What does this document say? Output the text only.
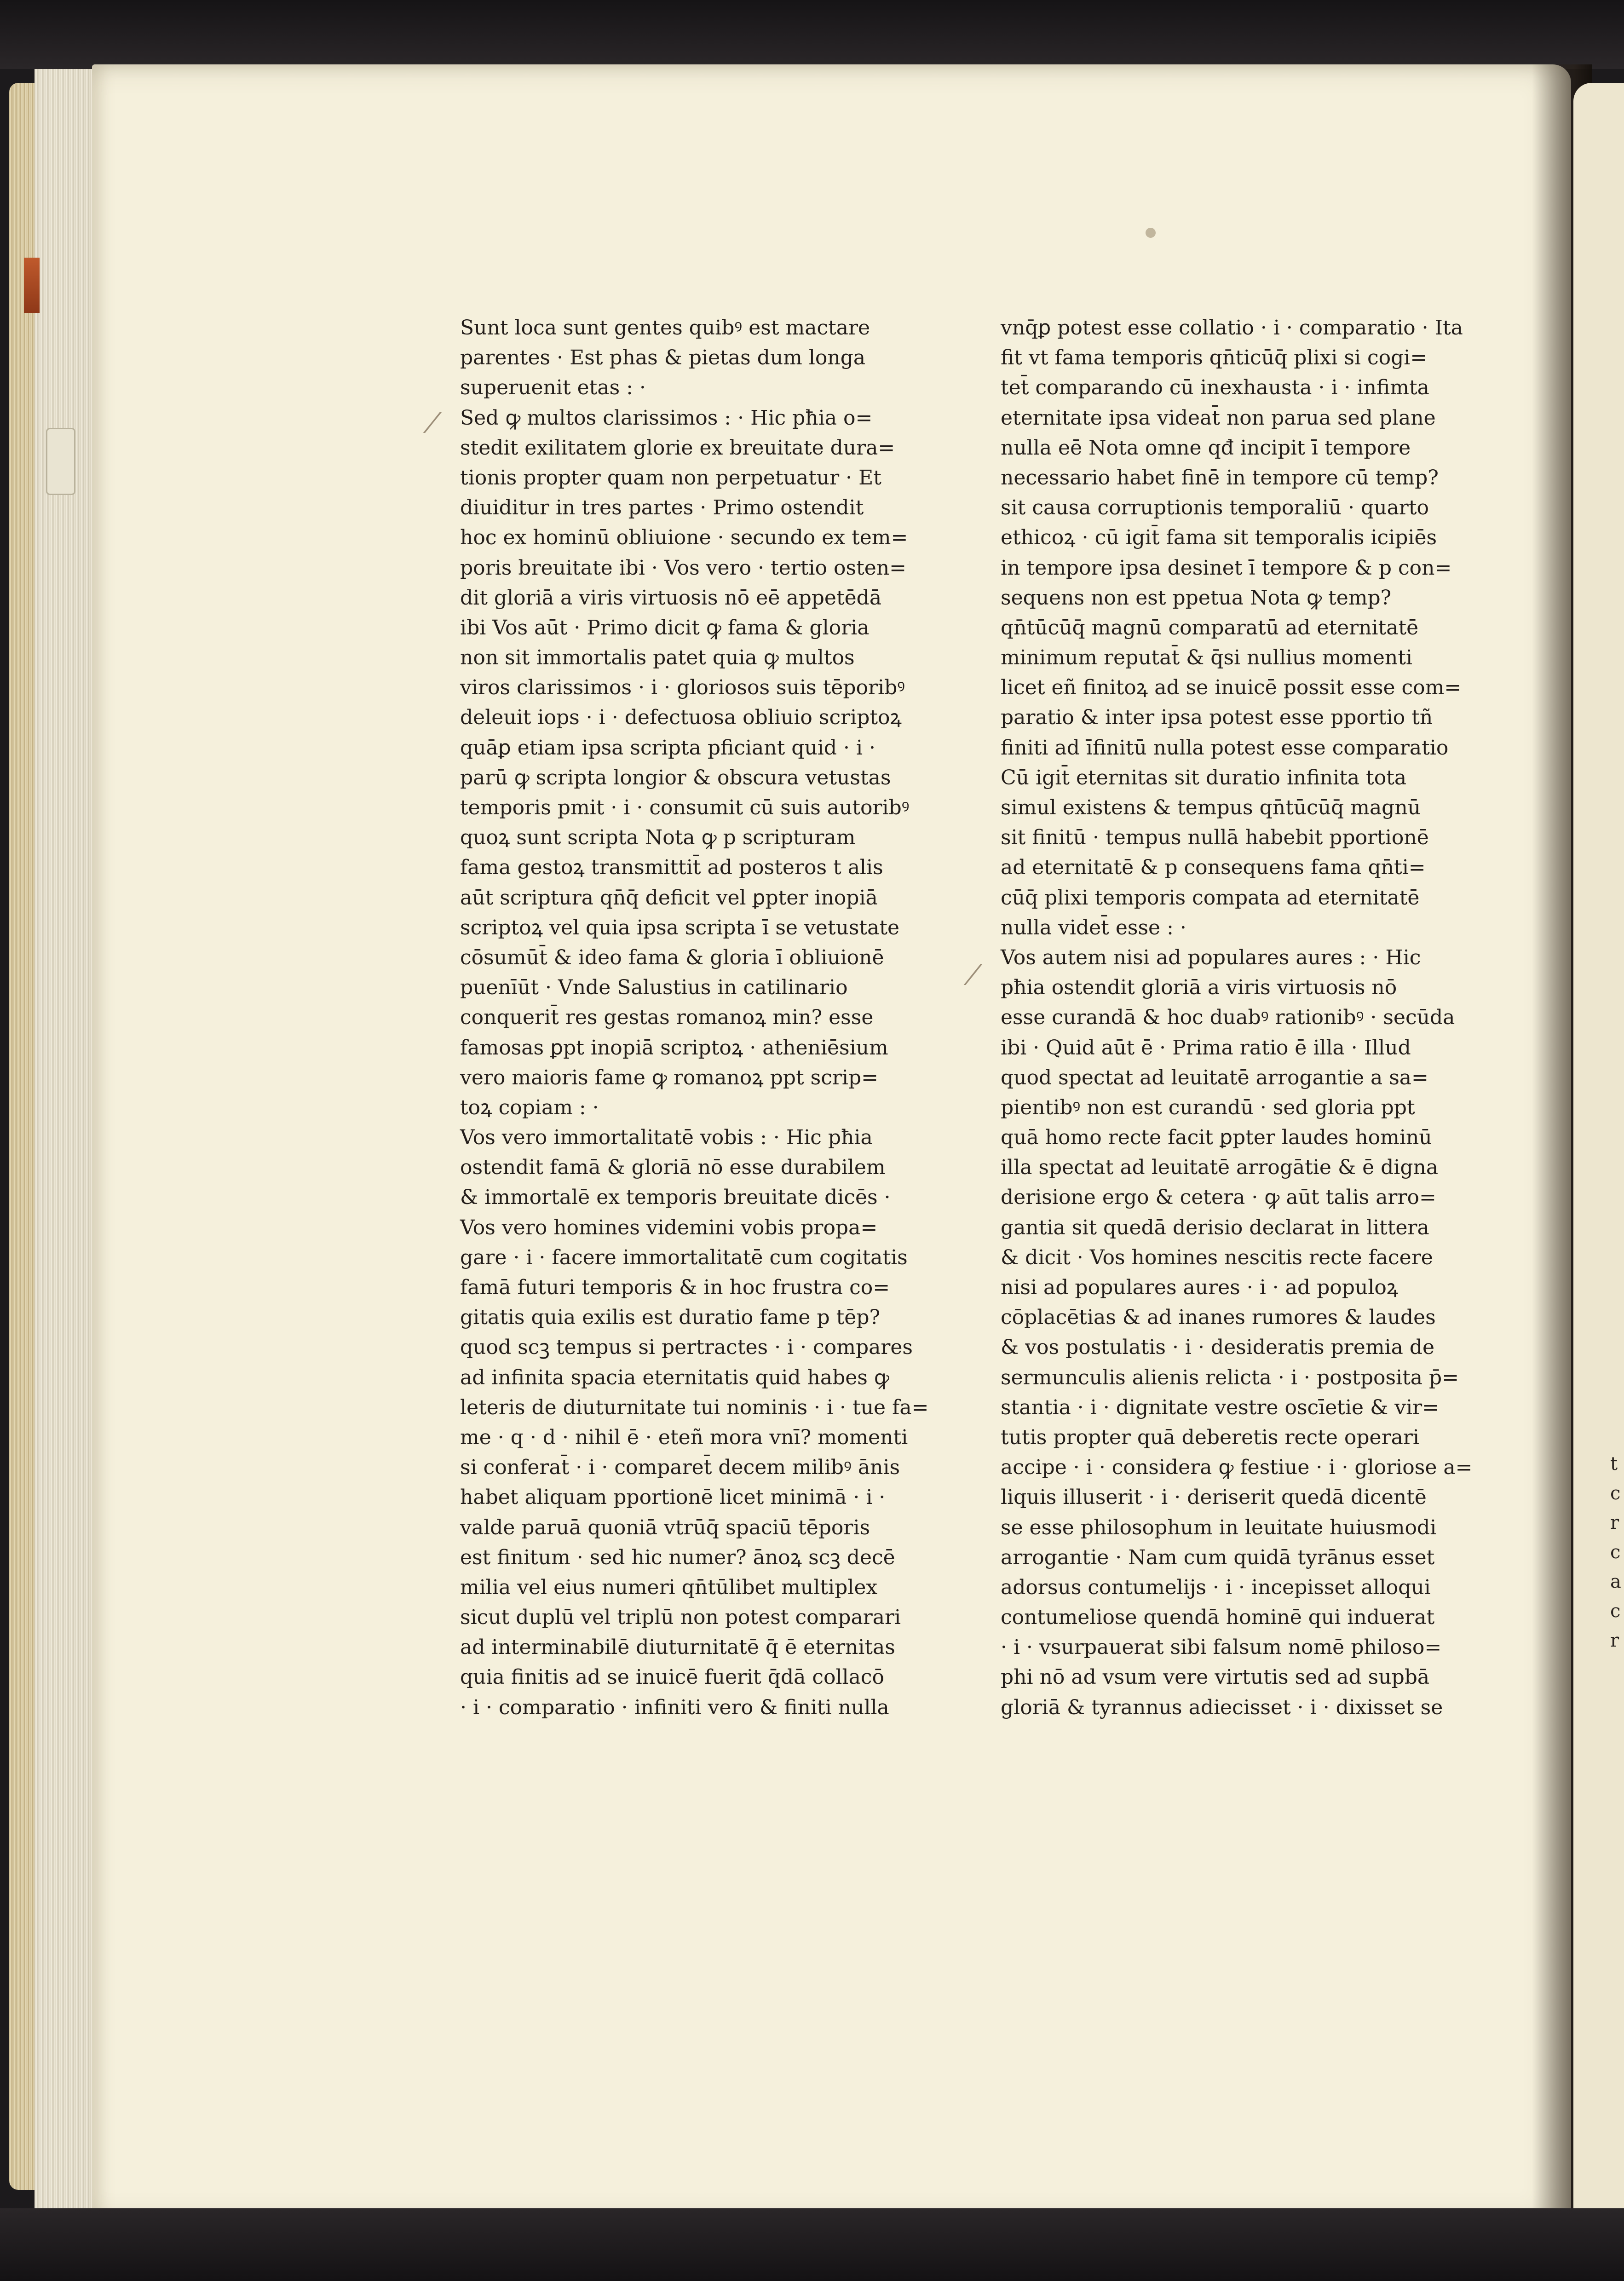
⁄
⁄
Sunt loca sunt gentes quibꝰ est mactare
parentes · Est phas & pietas dum longa
superuenit etas : ·
Sed ꝙ multos clarissimos : · Hic pħia o=
stedit exilitatem glorie ex breuitate dura=
tionis propter quam non perpetuatur · Et
diuiditur in tres partes · Primo ostendit
hoc ex hominū obliuione · secundo ex tem=
poris breuitate ibi · Vos vero · tertio osten=
dit gloriā a viris virtuosis nō eē appetēdā
ibi Vos aūt · Primo dicit ꝙ fama & gloria
non sit immortalis patet quia ꝙ multos
viros clarissimos · i · gloriosos suis tēporibꝰ
deleuit iops · i · defectuosa obliuio scriptoꝝ
quāꝑ etiam ipsa scripta pficiant quid · i ·
parū ꝙ scripta longior & obscura vetustas
temporis pmit · i · consumit cū suis autoribꝰ
quoꝝ sunt scripta Nota ꝙ p scripturam
fama gestoꝝ transmittit̄ ad posteros t alis
aūt scriptura qn̄q̄ deficit vel ꝑpter inopiā
scriptoꝝ vel quia ipsa scripta ī se vetustate
cōsumūt̄ & ideo fama & gloria ī obliuionē
puenīūt · Vnde Salustius in catilinario
conquerit̄ res gestas romanoꝝ min? esse
famosas ꝑpt inopiā scriptoꝝ · atheniēsium
vero maioris fame ꝙ romanoꝝ ppt scrip=
toꝝ copiam : ·
Vos vero immortalitatē vobis : · Hic pħia
ostendit famā & gloriā nō esse durabilem
& immortalē ex temporis breuitate dicēs ·
Vos vero homines videmini vobis propa=
gare · i · facere immortalitatē cum cogitatis
famā futuri temporis & in hoc frustra co=
gitatis quia exilis est duratio fame p tēp?
quod scꝫ tempus si pertractes · i · compares
ad infinita spacia eternitatis quid habes ꝙ
leteris de diuturnitate tui nominis · i · tue fa=
me · q · d · nihil ē · eteñ mora vnī? momenti
si conferat̄ · i · comparet̄ decem milibꝰ ānis
habet aliquam pportionē licet minimā · i ·
valde paruā quoniā vtrūq̄ spaciū tēporis
est finitum · sed hic numer? ānoꝝ scꝫ decē
milia vel eius numeri qn̄tūlibet multiplex
sicut duplū vel triplū non potest comparari
ad interminabilē diuturnitatē q̄ ē eternitas
quia finitis ad se inuicē fuerit q̄dā collacō
· i · comparatio · infiniti vero & finiti nulla
vnq̄ꝑ potest esse collatio · i · comparatio · Ita
fit vt fama temporis qn̄ticūq̄ plixi si cogi=
tet̄ comparando cū inexhausta · i · infimta
eternitate ipsa videat̄ non parua sed plane
nulla eē Nota omne qđ incipit ī tempore
necessario habet finē in tempore cū temp?
sit causa corruptionis temporaliū · quarto
ethicoꝝ · cū igit̄ fama sit temporalis icipiēs
in tempore ipsa desinet ī tempore & p con=
sequens non est ppetua Nota ꝙ temp?
qn̄tūcūq̄ magnū comparatū ad eternitatē
minimum reputat̄ & q̄si nullius momenti
licet eñ finitoꝝ ad se inuicē possit esse com=
paratio & inter ipsa potest esse pportio tñ
finiti ad īfinitū nulla potest esse comparatio
Cū igit̄ eternitas sit duratio infinita tota
simul existens & tempus qn̄tūcūq̄ magnū
sit finitū · tempus nullā habebit pportionē
ad eternitatē & p consequens fama qn̄ti=
cūq̄ plixi temporis compata ad eternitatē
nulla videt̄ esse : ·
Vos autem nisi ad populares aures : · Hic
pħia ostendit gloriā a viris virtuosis nō
esse curandā & hoc duabꝰ rationibꝰ · secūda
ibi · Quid aūt ē · Prima ratio ē illa · Illud
quod spectat ad leuitatē arrogantie a sa=
pientibꝰ non est curandū · sed gloria ppt
quā homo recte facit ꝑpter laudes hominū
illa spectat ad leuitatē arrogātie & ē digna
derisione ergo & cetera · ꝙ aūt talis arro=
gantia sit quedā derisio declarat in littera
& dicit · Vos homines nescitis recte facere
nisi ad populares aures · i · ad populoꝝ
cōplacētias & ad inanes rumores & laudes
& vos postulatis · i · desideratis premia de
sermunculis alienis relicta · i · postposita p̄=
stantia · i · dignitate vestre oscīetie & vir=
tutis propter quā deberetis recte operari
accipe · i · considera ꝙ festiue · i · gloriose a=
liquis illuserit · i · deriserit quedā dicentē
se esse philosophum in leuitate huiusmodi
arrogantie · Nam cum quidā tyrānus esset
adorsus contumelijs · i · incepisset alloqui
contumeliose quendā hominē qui induerat
· i · vsurpauerat sibi falsum nomē philoso=
phi nō ad vsum vere virtutis sed ad supbā
gloriā & tyrannus adiecisset · i · dixisset se
t
c
r
c
a
c
r
